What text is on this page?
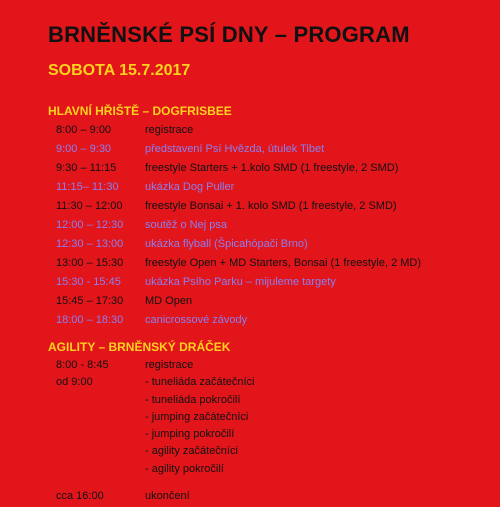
BRNĚNSKÉ PSÍ DNY – PROGRAM
SOBOTA 15.7.2017
HLAVNÍ HŘIŠTĚ – DOGFRISBEE
8:00 – 9:00	registrace
9:00 – 9:30	představení Psí Hvězda, útulek Tibet
9:30 – 11:15	freestyle Starters + 1.kolo SMD (1 freestyle, 2 SMD)
11:15– 11:30 ukázka Dog Puller
11:30 – 12:00 freestyle Bonsai + 1. kolo SMD (1 freestyle, 2 SMD)
12:00 – 12:30 soutěž o Nej psa
12:30 – 13:00 ukázka flyball (Špicahópači Brno)
13:00 – 15:30 freestyle Open + MD Starters, Bonsai (1 freestyle, 2 MD)
15:30 - 15:45 ukázka Psího Parku – mijuleme targety
15:45 – 17:30 MD Open
18:00 – 18:30 canicrossové závody
AGILITY – BRNĚNSKÝ DRÁČEK
8:00 - 8:45	registrace
od 9:00	- tuneliáda začátečníci
- tuneliáda pokročilí
- jumping začátečníci
- jumping pokročilí
- agility začátečníci
- agility pokročilí
cca 16:00	ukončení
